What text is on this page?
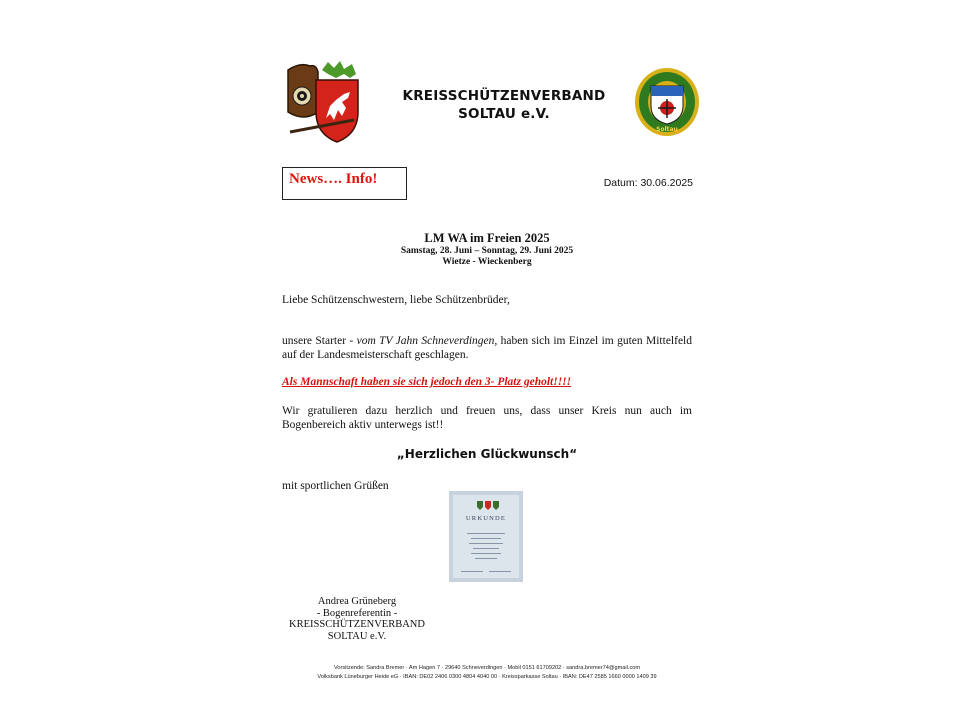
KREISSCHÜTZENVERBAND
SOLTAU e.V.
Soltau
News…. Info!	Datum: 30.06.2025
LM WA im Freien 2025
Samstag, 28. Juni – Sonntag, 29. Juni 2025
Wietze - Wieckenberg
Liebe Schützenschwestern, liebe Schützenbrüder,
unsere Starter - vom TV Jahn Schneverdingen, haben sich im Einzel im guten Mittelfeld auf der Landesmeisterschaft geschlagen.
Als Mannschaft haben sie sich jedoch den 3- Platz geholt!!!!
Wir gratulieren dazu herzlich und freuen uns, dass unser Kreis nun auch im Bogenbereich aktiv unterwegs ist!!
„Herzlichen Glückwunsch“
mit sportlichen Grüßen
URKUNDE
Andrea Grüneberg
- Bogenreferentin -
KREISSCHÜTZENVERBAND
SOLTAU e.V.
Vorsitzende: Sandra Bremer · Am Hagen 7 · 29640 Schneverdingen · Mobil 0151 61709202 · sandra.bremer74@gmail.com
Volksbank Lüneburger Heide eG · IBAN: DE02 2406 0300 4804 4040 00 · Kreissparkasse Soltau · IBAN: DE47 2585 1660 0000 1409 39
